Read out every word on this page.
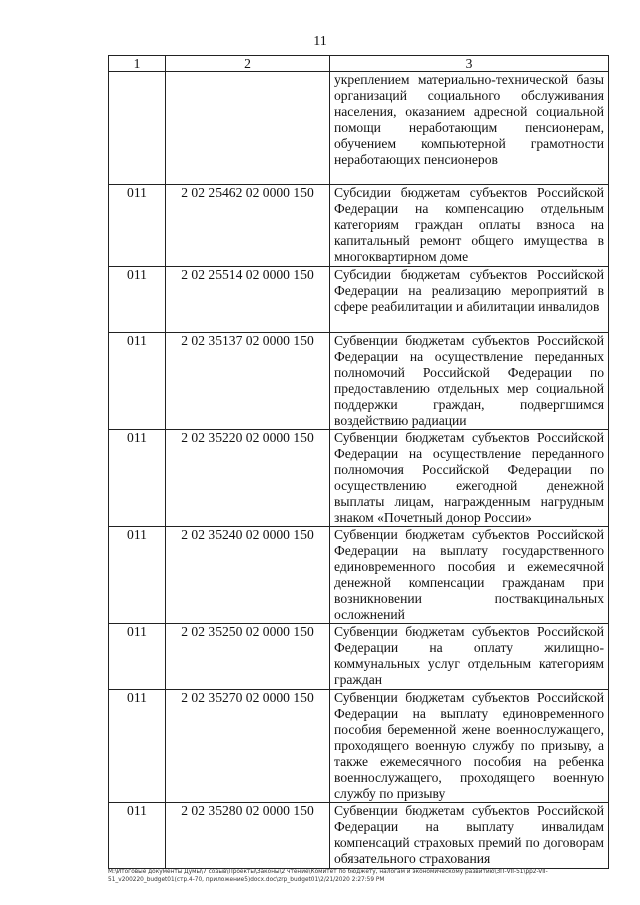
11
1	2	3
		укреплением материально-технической базы организаций социального обслуживания населения, оказанием адресной социальной помощи неработающим пенсионерам, обучением компьютерной грамотности неработающих пенсионеров
011	2 02 25462 02 0000 150	Субсидии бюджетам субъектов Российской Федерации на компенсацию отдельным категориям граждан оплаты взноса на капитальный ремонт общего имущества в многоквартирном доме
011	2 02 25514 02 0000 150	Субсидии бюджетам субъектов Российской Федерации на реализацию мероприятий в сфере реабилитации и абилитации инвалидов
011	2 02 35137 02 0000 150	Субвенции бюджетам субъектов Российской Федерации на осуществление переданных полномочий Российской Федерации по предоставлению отдельных мер социальной поддержки граждан, подвергшимся воздействию радиации
011	2 02 35220 02 0000 150	Субвенции бюджетам субъектов Российской Федерации на осуществление переданного полномочия Российской Федерации по осуществлению ежегодной денежной выплаты лицам, награжденным нагрудным знаком «Почетный донор России»
011	2 02 35240 02 0000 150	Субвенции бюджетам субъектов Российской Федерации на выплату государственного единовременного пособия и ежемесячной денежной компенсации гражданам при возникновении поствакцинальных осложнений
011	2 02 35250 02 0000 150	Субвенции бюджетам субъектов Российской Федерации на оплату жилищно-коммунальных услуг отдельным категориям граждан
011	2 02 35270 02 0000 150	Субвенции бюджетам субъектов Российской Федерации на выплату единовременного пособия беременной жене военнослужащего, проходящего военную службу по призыву, а также ежемесячного пособия на ребенка военнослужащего, проходящего военную службу по призыву
011	2 02 35280 02 0000 150	Субвенции бюджетам субъектов Российской Федерации на выплату инвалидам компенсаций страховых премий по договорам обязательного страхования
M:\Итоговые документы Думы\7 созыв\Проекты\Законы\2 чтение\Комитет по бюджету, налогам и экономическому развитию\ЗП-VII-51\pp2-VII-
51_v200220_budget01(стр.4-70, приложение5)docx.doc\zrp_budget01\2/21/2020 2:27:59 PM
